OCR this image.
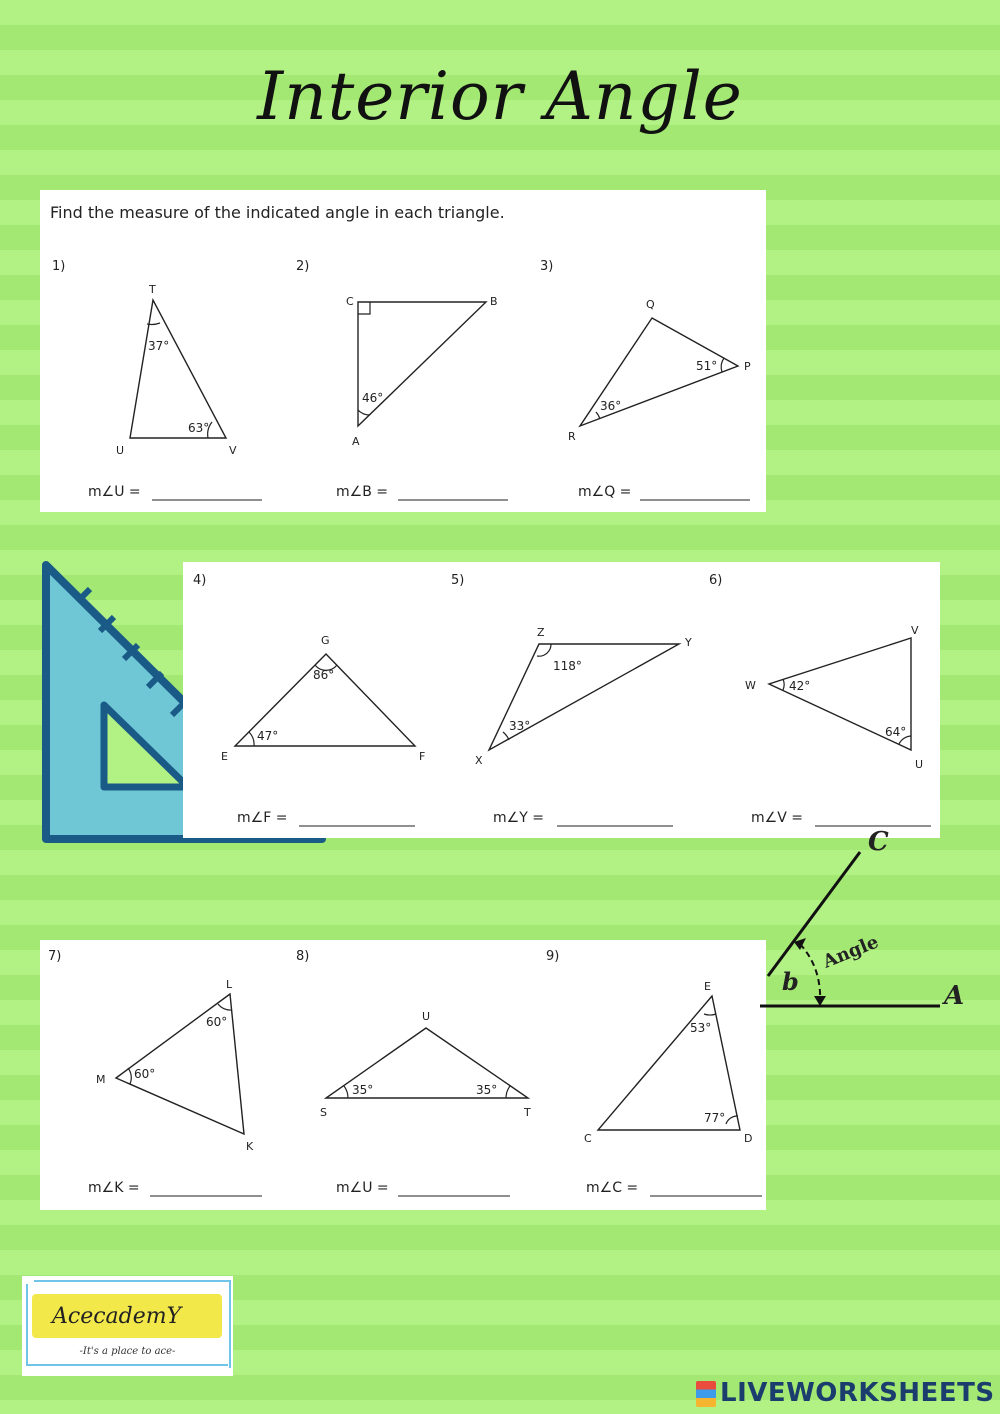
Interior Angle
Find the measure of the indicated angle in each triangle.
1)
T
U	V
37°
63°
m∠U =
2)
C	B
A
46°
m∠B =
3)
Q
P
R
51°
36°
m∠Q =
4)
G
E	F
86°
47°
m∠F =
5)
Z
Y
X
118°
33°
m∠Y =
6)
V
W
U
42°
64°
m∠V =
7)
L
M
K
60°
60°
m∠K =
8)
U
S	T
35°	35°
m∠U =
9)
E
C	D
53°
77°
m∠C =
C
A
b
Angle
AcecademY
-It's a place to ace-
LIVEWORKSHEETS
